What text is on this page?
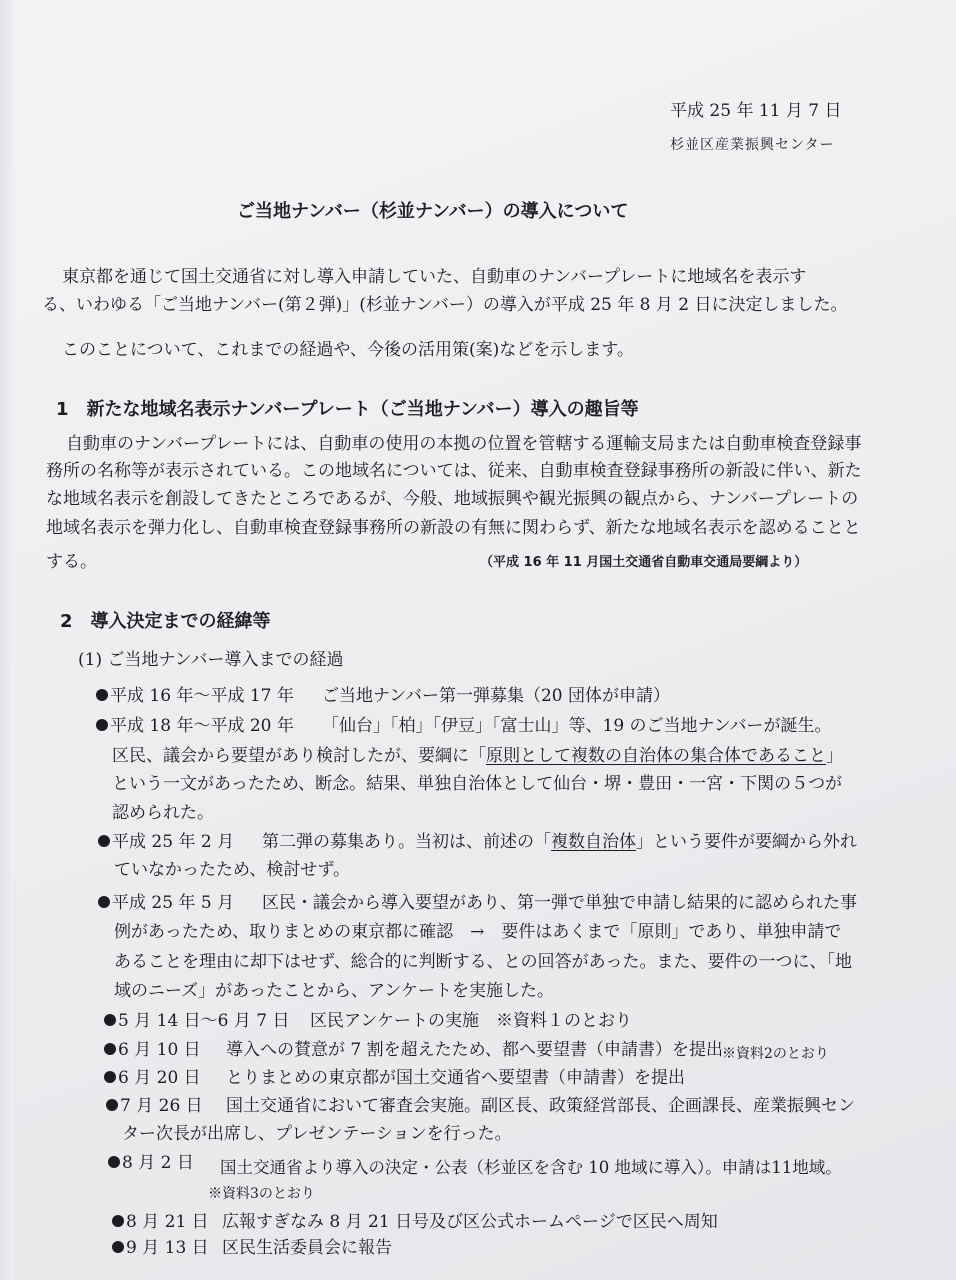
平成 25 年 11 月 7 日

杉並区産業振興センター

ご当地ナンバー（杉並ナンバー）の導入について

東京都を通じて国土交通省に対し導入申請していた、自動車のナンバープレートに地域名を表示す

る、いわゆる「ご当地ナンバー(第２弾)」(杉並ナンバー）の導入が平成 25 年 8 月 2 日に決定しました。

このことについて、これまでの経過や、今後の活用策(案)などを示します。

1　新たな地域名表示ナンバープレート（ご当地ナンバー）導入の趣旨等

自動車のナンバープレートには、自動車の使用の本拠の位置を管轄する運輸支局または自動車検査登録事

務所の名称等が表示されている。この地域名については、従来、自動車検査登録事務所の新設に伴い、新た

な地域名表示を創設してきたところであるが、今般、地域振興や観光振興の観点から、ナンバープレートの

地域名表示を弾力化し、自動車検査登録事務所の新設の有無に関わらず、新たな地域名表示を認めることと

する。	（平成 16 年 11 月国土交通省自動車交通局要綱より）

2　導入決定までの経緯等

(1) ご当地ナンバー導入までの経過

平成 16 年～平成 17 年 ご当地ナンバー第一弾募集（20 団体が申請）

平成 18 年～平成 20 年 「仙台」「柏」「伊豆」「富士山」等、19 のご当地ナンバーが誕生。

区民、議会から要望があり検討したが、要綱に「原則として複数の自治体の集合体であること」

という一文があったため、断念。結果、単独自治体として仙台・堺・豊田・一宮・下関の５つが

認められた。

平成 25 年 2 月 第二弾の募集あり。当初は、前述の「複数自治体」という要件が要綱から外れ

ていなかったため、検討せず。

平成 25 年 5 月 区民・議会から導入要望があり、第一弾で単独で申請し結果的に認められた事

例があったため、取りまとめの東京都に確認　→　要件はあくまで「原則」であり、単独申請で

あることを理由に却下はせず、総合的に判断する、との回答があった。また、要件の一つに、「地

域のニーズ」があったことから、アンケートを実施した。

5 月 14 日～6 月 7 日 区民アンケートの実施　※資料１のとおり

6 月 10 日 導入への賛意が 7 割を超えたため、都へ要望書（申請書）を提出 ※資料2のとおり

6 月 20 日 とりまとめの東京都が国土交通省へ要望書（申請書）を提出

7 月 26 日 国土交通省において審査会実施。副区長、政策経営部長、企画課長、産業振興セン

ター次長が出席し、プレゼンテーションを行った。

8 月 2 日 国土交通省より導入の決定・公表（杉並区を含む 10 地域に導入）。申請は11地域。

※資料3のとおり

8 月 21 日 広報すぎなみ 8 月 21 日号及び区公式ホームページで区民へ周知

9 月 13 日 区民生活委員会に報告
